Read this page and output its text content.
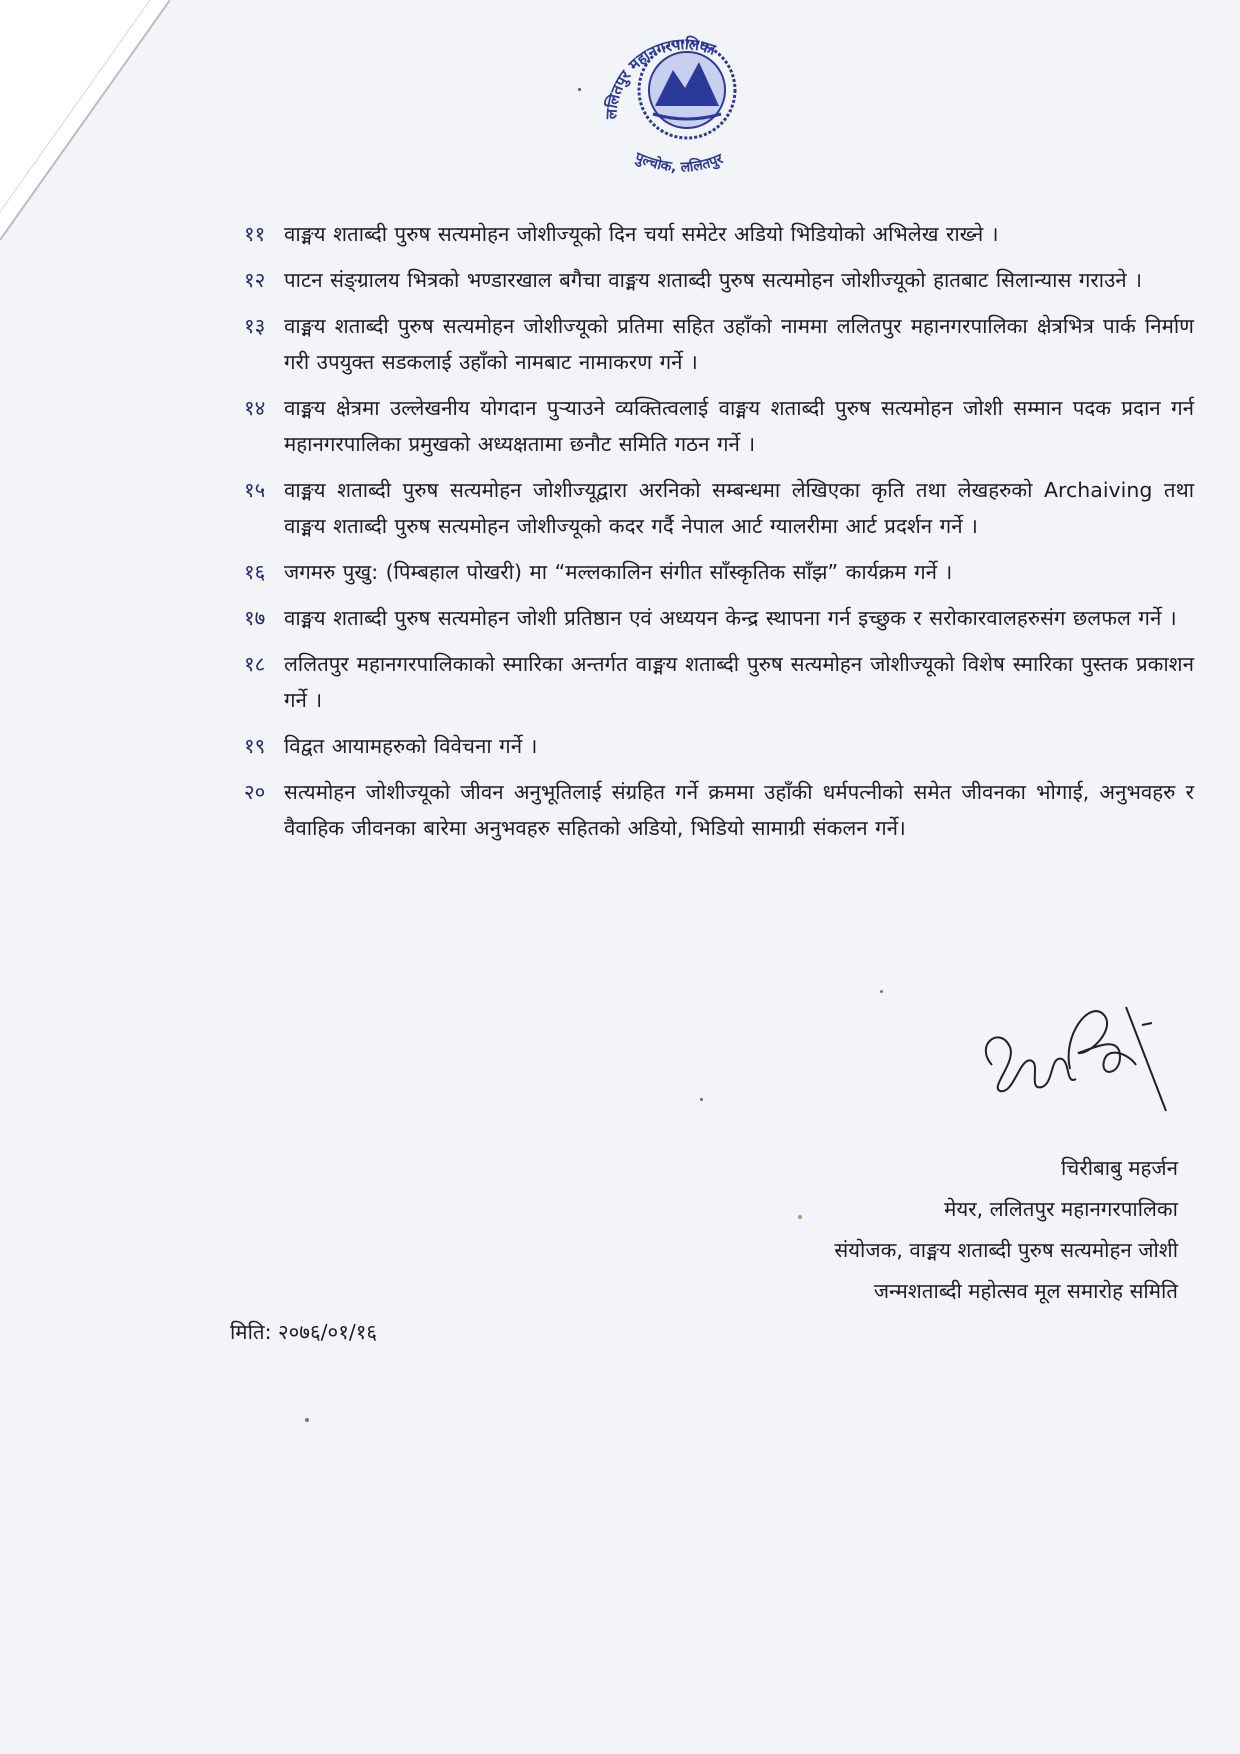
ललितपुर महानगरपालिका
पुल्चोक, ललितपुर
११ वाङ्मय शताब्दी पुरुष सत्यमोहन जोशीज्यूको दिन चर्या समेटेर अडियो भिडियोको अभिलेख राख्ने ।
१२ पाटन संङ्ग्रालय भित्रको भण्डारखाल बगैचा वाङ्मय शताब्दी पुरुष सत्यमोहन जोशीज्यूको हातबाट सिलान्यास गराउने ।
१३ वाङ्मय शताब्दी पुरुष सत्यमोहन जोशीज्यूको प्रतिमा सहित उहाँको नाममा ललितपुर महानगरपालिका क्षेत्रभित्र पार्क निर्माण गरी उपयुक्त सडकलाई उहाँको नामबाट नामाकरण गर्ने ।
१४ वाङ्मय क्षेत्रमा उल्लेखनीय योगदान पुऱ्याउने व्यक्तित्वलाई वाङ्मय शताब्दी पुरुष सत्यमोहन जोशी सम्मान पदक प्रदान गर्न महानगरपालिका प्रमुखको अध्यक्षतामा छनौट समिति गठन गर्ने ।
१५ वाङ्मय शताब्दी पुरुष सत्यमोहन जोशीज्यूद्वारा अरनिको सम्बन्धमा लेखिएका कृति तथा लेखहरुको Archaiving तथा वाङ्मय शताब्दी पुरुष सत्यमोहन जोशीज्यूको कदर गर्दै नेपाल आर्ट ग्यालरीमा आर्ट प्रदर्शन गर्ने ।
१६ जगमरु पुखु: (पिम्बहाल पोखरी) मा “मल्लकालिन संगीत साँस्कृतिक साँझ” कार्यक्रम गर्ने ।
१७ वाङ्मय शताब्दी पुरुष सत्यमोहन जोशी प्रतिष्ठान एवं अध्ययन केन्द्र स्थापना गर्न इच्छुक र सरोकारवालहरुसंग छलफल गर्ने ।
१८ ललितपुर महानगरपालिकाको स्मारिका अन्तर्गत वाङ्मय शताब्दी पुरुष सत्यमोहन जोशीज्यूको विशेष स्मारिका पुस्तक प्रकाशन गर्ने ।
१९ विद्वत आयामहरुको विवेचना गर्ने ।
२० सत्यमोहन जोशीज्यूको जीवन अनुभूतिलाई संग्रहित गर्ने क्रममा उहाँकी धर्मपत्नीको समेत जीवनका भोगाई, अनुभवहरु र वैवाहिक जीवनका बारेमा अनुभवहरु सहितको अडियो, भिडियो सामाग्री संकलन गर्ने।
चिरीबाबु महर्जन
मेयर, ललितपुर महानगरपालिका
संयोजक, वाङ्मय शताब्दी पुरुष सत्यमोहन जोशी
जन्मशताब्दी महोत्सव मूल समारोह समिति
मिति: २०७६/०१/१६
